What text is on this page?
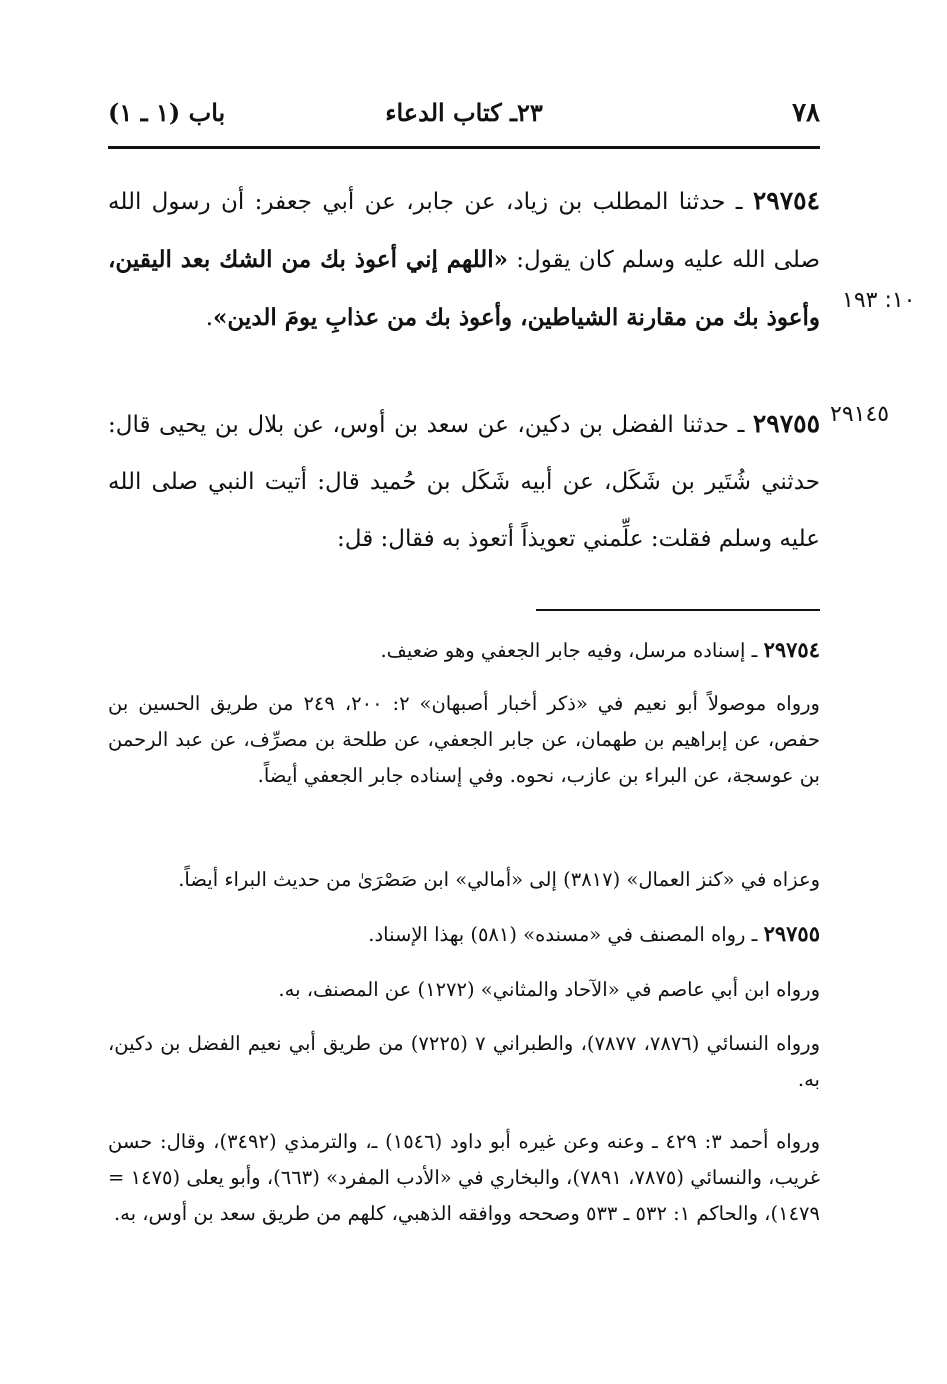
٧٨
٢٣ـ كتاب الدعاء
باب (١ ـ ١)
١٠: ١٩٣
٢٩١٤٥
٢٩٧٥٤ ـ حدثنا المطلب بن زياد، عن جابر، عن أبي جعفر: أن رسول الله صلى الله عليه وسلم كان يقول: «اللهم إني أعوذ بك من الشك بعد اليقين، وأعوذ بك من مقارنة الشياطين، وأعوذ بك من عذابِ يومَ الدين».
٢٩٧٥٥ ـ حدثنا الفضل بن دكين، عن سعد بن أوس، عن بلال بن يحيى قال: حدثني شُتَير بن شَكَل، عن أبيه شَكَل بن حُميد قال: أتيت النبي صلى الله عليه وسلم فقلت: علِّمني تعويذاً أتعوذ به فقال: قل:
٢٩٧٥٤ ـ إسناده مرسل، وفيه جابر الجعفي وهو ضعيف.
ورواه موصولاً أبو نعيم في «ذكر أخبار أصبهان» ٢: ٢٠٠، ٢٤٩ من طريق الحسين بن حفص، عن إبراهيم بن طهمان، عن جابر الجعفي، عن طلحة بن مصرِّف، عن عبد الرحمن بن عوسجة، عن البراء بن عازب، نحوه. وفي إسناده جابر الجعفي أيضاً.
وعزاه في «كنز العمال» (٣٨١٧) إلى «أمالي» ابن صَصْرَىٰ من حديث البراء أيضاً.
٢٩٧٥٥ ـ رواه المصنف في «مسنده» (٥٨١) بهذا الإسناد.
ورواه ابن أبي عاصم في «الآحاد والمثاني» (١٢٧٢) عن المصنف، به.
ورواه النسائي (٧٨٧٦، ٧٨٧٧)، والطبراني ٧ (٧٢٢٥) من طريق أبي نعيم الفضل بن دكين، به.
ورواه أحمد ٣: ٤٢٩ ـ وعنه وعن غيره أبو داود (١٥٤٦) ـ، والترمذي (٣٤٩٢)، وقال: حسن غريب، والنسائي (٧٨٧٥، ٧٨٩١)، والبخاري في «الأدب المفرد» (٦٦٣)، وأبو يعلى (١٤٧٥ = ١٤٧٩)، والحاكم ١: ٥٣٢ ـ ٥٣٣ وصححه ووافقه الذهبي، كلهم من طريق سعد بن أوس، به.
